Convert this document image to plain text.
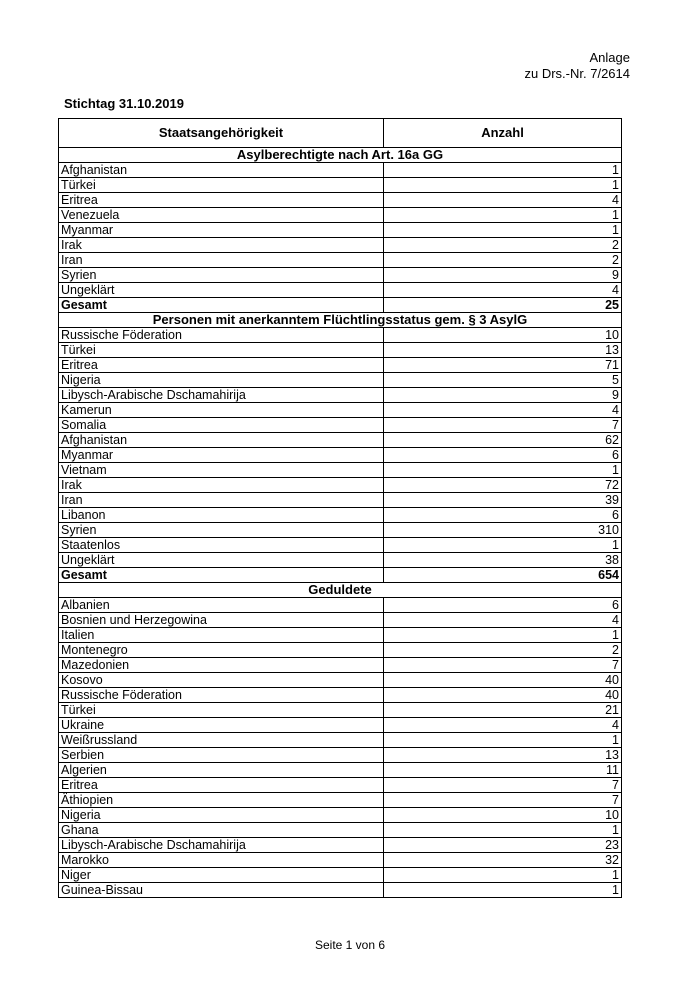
Anlage
zu Drs.-Nr. 7/2614
Stichtag 31.10.2019
Staatsangehörigkeit	Anzahl
Asylberechtigte nach Art. 16a GG	
Afghanistan	1
Türkei	1
Eritrea	4
Venezuela	1
Myanmar	1
Irak	2
Iran	2
Syrien	9
Ungeklärt	4
Gesamt	25
Personen mit anerkanntem Flüchtlingsstatus gem. § 3 AsylG	
Russische Föderation	10
Türkei	13
Eritrea	71
Nigeria	5
Libysch-Arabische Dschamahirija	9
Kamerun	4
Somalia	7
Afghanistan	62
Myanmar	6
Vietnam	1
Irak	72
Iran	39
Libanon	6
Syrien	310
Staatenlos	1
Ungeklärt	38
Gesamt	654
Geduldete	
Albanien	6
Bosnien und Herzegowina	4
Italien	1
Montenegro	2
Mazedonien	7
Kosovo	40
Russische Föderation	40
Türkei	21
Ukraine	4
Weißrussland	1
Serbien	13
Algerien	11
Eritrea	7
Äthiopien	7
Nigeria	10
Ghana	1
Libysch-Arabische Dschamahirija	23
Marokko	32
Niger	1
Guinea-Bissau	1
Seite 1 von 6
